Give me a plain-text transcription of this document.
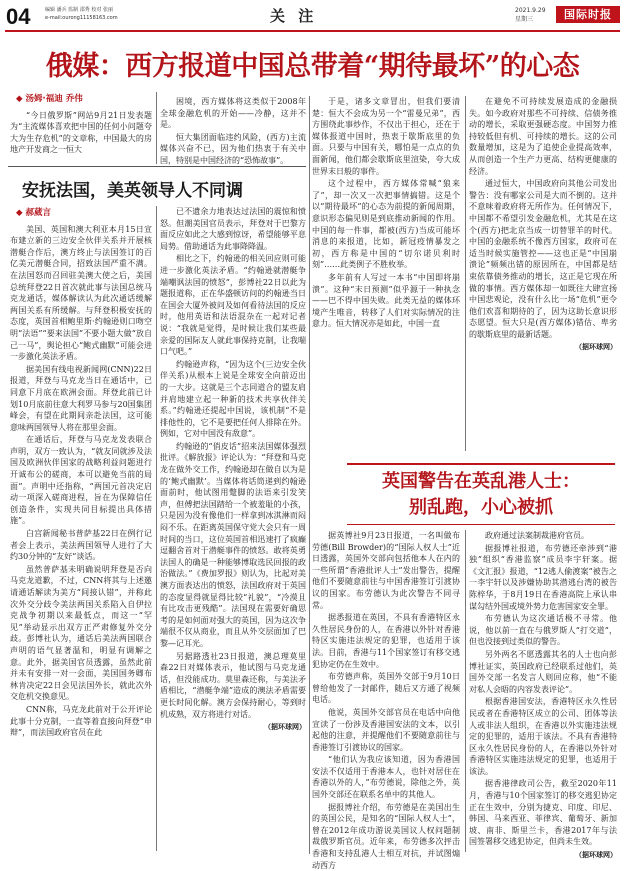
04	编辑 潘兵 监制 邵秀 校对 张丽
e-mail:ourong11158163.com	关 注	2021.9.29
星期三	国际时报
俄媒：西方报道中国总带着“期待最坏”的心态
◆ 汤姆·福迪 乔伟

“今日俄罗斯”网站9月21日发表题为“主流媒体喜欢把中国的任何小问题夸大为生存危机”的文章称，中国最大的房地产开发商之一恒大

困境，西方媒体将这类似于2008年全球金融危机的开始——冷静，这并不是。

恒大集团面临违约风险，(西方)主流媒体兴奋不已，因为他们热衷于有关中国，特别是中国经济的“恐怖故事”。

于是，诸多文章冒出，但我们要清楚：恒大不会成为另一个“雷曼兄弟”，西方围绕此事炒作，不仅出于担心，还在于媒体报道中国时，热衷于歇斯底里的负面。只要与中国有关，哪怕是一点点的负面新闻，他们都会歇斯底里渲染，夸大成世界末日般的事件。

这个过程中，西方媒体常喊“狼来了”，却一次又一次把事情搞错。这是个以“期待最坏”的心态为前提的新闻周期，意识形态偏见则是到底推动新闻的作用。中国的每一件事，都被(西方)当成可能坏消息的来报道，比如，新冠疫情暴发之初，西方称是中国的“切尔诺贝利时刻”……此类例子不胜枚举。

多年前有人写过一本书“中国即将崩溃”。这种“末日预测”似乎源于一种执念——巴不得中国失败。此类无益的媒体环境产生唯音，转移了人们对实际情况的注意力。恒大情况亦是如此，中国一直

在避免不可持续发展造成的金融损失。如今政府对那些不可持续、信债务推动的增长，采取更强硬态度。中国努力推持较低但有机、可持续的增长。这的公司数量增加，这是为了追使企业提高效率，从而创造一个生产力更高、结构更健康的经济。

通过恒大，中国政府向其他公司发出警告：没有哪家公司是大而不倒的。这并不意味着政府将无所作为。任何情况下，中国都不希望引发金融危机，尤其是在这个(西方)把北京当成一切替罪羊的时代。中国的金融系统不像西方国家，政府可在适当时候实施管控——这也正是“中国崩溃论”频频出错的原因所在，中国都是结束依靠债务推动的增长，这正是它现在所做的事情。西方媒体却一如既往大肆宣扬中国悲观论，没有什么比一场“危机”更令他们欢喜和期待的了，因为这助长意识形态愿望。恒大只是(西方媒体)错估、卑劣的歇斯底里的最新话题。

（据环球网）
安抚法国，美英领导人不同调
◆ 郝葳言

美国、英国和澳大利亚本月15日宣布建立新的三边安全伙伴关系并开展核潜艇合作后，澳方终止与法国签订的百亿美元潜艇合同，招致法国严重不满。在法国怒而召回驻美澳大使之后，美国总统拜登22日首次就此事与法国总统马克龙通话，媒体解读认为此次通话缓解两国关系有所缓解。与拜登积极安抚的态度，英国首相鲍里斯·约翰逊则口吻空明“法语”“要来法国”不要小题大做“放自己一马”，舆论担心“鲍式幽默”可能会进一步激化英法矛盾。

据美国有线电视新闻网(CNN)22日报道，拜登与马克龙当日在通话中，已同意下月底在欧洲会面。拜登此前已计划10月底前往意大利罗马参与20国集团峰会，有望在此期间亲赴法国，这可能意味两国领导人将在那里会面。

在通话后，拜登与马克龙发表联合声明，双方一致认为，“就友同就涉及法国及欧洲伙伴国家的战略利益问题进行开诚布公的磋商，本可以避免当前的局面”。声明中还指称，“两国元首决定启动一项深入磋商进程，旨在为保障信任创造条件，实现共同目标提出具体措施”。

白宫新闻秘书普萨基22日在例行记者会上表示，美法两国领导人进行了大约30分钟的“友好”谈话。

虽然普萨基未明确说明拜登是否向马克龙道歉，不过，CNN将其与上述邀请通话解读为美方“间接认错”，并称此次外交分歧令美法两国关系陷入自伊拉克战争初期以来最低点，而这一“罕见”举动显示出双方正严肃修复外交分歧。彭博社认为，通话后美法两国联合声明的语气显著温和，明显有调解之意。此外，据美国官员透露，虽然此前并未有安排一对一会面，美国国务卿布林肯决定22日会见法国外长，就此次外交危机交换意见。

CNN称，马克龙此前对于公开评论此事十分克制，一直等着直接向拜登“申辩”，而法国政府官员在此

已不遗余力地表达过法国的震惊和愤怒。但潮美国官员表示，拜登对于巴黎方面反应如此之大感到惊讶，希望能够平息局势。借助通话为此事降降温。

相比之下，约翰逊的相关回应则可能进一步激化英法矛盾。“约翰逊就潜艇争端嘲讽法国的愤怒”，彭博社22日以此为题报道称，正在华盛顿访问的约翰逊当日在国会大厦外被问及如何看待法国的反应时，他用英语和法语混杂在一起对记者说：“我就是觉得，是时候让我们某些最亲爱的国际友人就此事保持克制，让我喘口气吧。”

约翰逊声称，“因为这个(三边安全伙伴关系)从根本上说是全球安全向前迈出的一大步。这就是三个志同道合的盟友肩并肩地建立起一种新的技术共享伙伴关系。”约翰逊还提起中国说，该机制“不是排他性的，它不是要把任何人排除在外。例如，它对中国没有敌意”。

约翰逊的“俏皮话”招来法国媒体强烈批评。《解放报》评论认为：“拜登和马克龙在做外交工作，约翰逊却在做自以为是的‘鲍式幽默’。当媒体将话筒递到约翰逊面前时，他试图用蹩脚的法语来引发笑声，但傅把法国踏给一个被羞耻的小孩，只是因为没有像他们一样拿到冰淇淋而闷闷不乐。在距离英国保守党大会只有一周时间的当口，这位英国首相迅速打了疯癫逗翻舍首对于潜艇事件的愤怒。敢将英勇法国人的确是一种能够博取选民回报的政治做法。”《费加罗报》则认为，比起对美澳方面表达出的愤怒，法国政府对于英国的态度显得就显得比较“礼貌”，“冷漠且有比攻击更残酷”。法国现在需要好确思考的是如何面对强大的英国，因为这次争端很不仅从商业，而且从外交层面加了巴黎—记耳光。

另据路透社23日报道，澳总理莫里森22日对媒体表示，他试图与马克龙通话，但没能成功。莫里森还称，与美法矛盾相比，“潜艇争端”造成的澳法矛盾需要更长时间化解。澳方会保持耐心，等到时机成熟，双方将进行对话。

（据环球网）
英国警告在英乱港人士：
别乱跑，小心被抓

据英博社9月23日报道，一名叫做布劳德(Bill Browder)的“国际人权人士”近日透露，英国外交部向包括他本人在内的一些所谓“香港批评人士”发出警告，提醒他们不要随意前往与中国香港签订引渡协议的国家。布劳德认为此次警告不同寻常。

据悉报道在英国，不具有香港特区永久性居民身份的人，在香港以外针对香港特区实施违法规定的犯罪，也适用于该法。目前，香港与11个国家签订有移交逃犯协定仍在生效中。

布劳德声称，英国外交部于9月10日曾给他发了一封邮件，随后又方通了视频电话。

他说，英国外交部官员在电话中向他宣读了一份涉及香港国安法的文本，以引起他的注意，并提醒他们不要随意前往与香港签订引渡协议的国家。

“他们认为我应该知道，因为香港国安法不仅适用于香港本人，也针对居住在香港以外的人，”布劳德说，除他之外，英国外交部还在联系名单中的其他人。

据报博社介绍，布劳德是在美国出生的英国公民，是知名的“国际人权人士”，曾在2012年成功游说美国议人权问题制裁俄罗斯官员。近年来，布劳德多次抨击香港和支持乱港人士相互对抗，并试图煽动西方

政府通过法案制裁港府官员。

据报博社报道，布劳德还牵涉到“港独”组织“香港监察”成员李宇轩案。据《文汇报》报道，“12逃人偷渡案”被告之一李宇轩以及涉嫌协助其潜逃台湾的被告陈梓华，于8月19日在香港高院上承认串谋勾结外国或境外势力危害国家安全罪。

布劳德认为这次通话极不寻常。他说，他以前一直在与俄罗斯人“打交道”，但也没接到过类似的警告。

另外两名不愿透露其名的人士也向彭博社证实，英国政府已经联系过他们，英国外交部一名发言人则回应称，他“不能对私人会晤的内容发表评论”。

根据香港国安法，香港特区永久性居民或者在香港特区成立的公司、团体等法人或非法人组织，在香港以外实施违法规定的犯罪的，适用于该法。不具有香港特区永久性居民身份的人，在香港以外针对香港特区实施违法规定的犯罪，也适用于该法。

据香港律政司公告，截至2020年11月，香港与10个国家签订的移交逃犯协定正在生效中，分别为捷克、印度、印尼、韩国、马来西亚、菲律宾、葡萄牙、新加坡、南非、斯里兰卡，香港2017年与法国签署移交逃犯协定，但尚未生效。

（据环球网）
